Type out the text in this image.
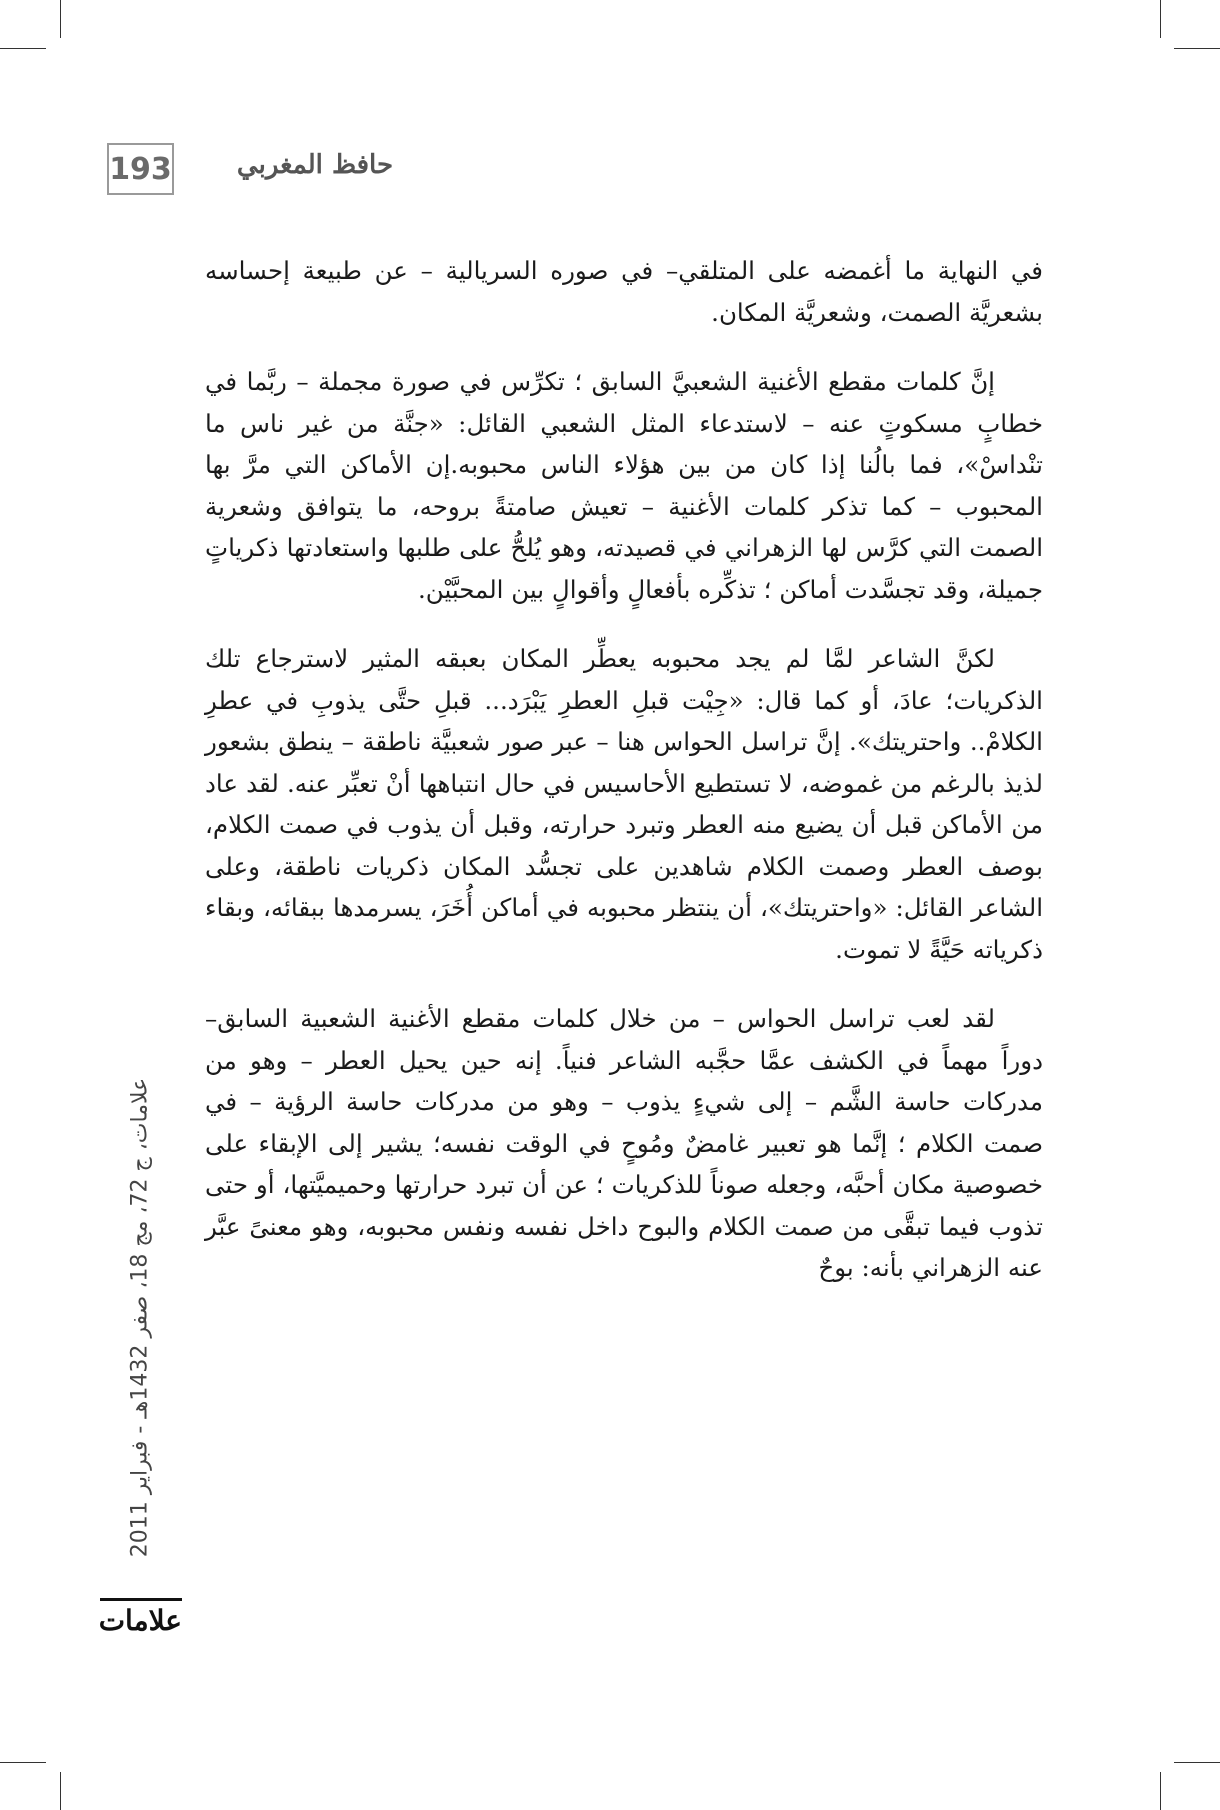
193	حافظ المغربي

في النهاية ما أغمضه على المتلقي– في صوره السريالية – عن طبيعة إحساسه بشعريَّة الصمت، وشعريَّة المكان.

إنَّ كلمات مقطع الأغنية الشعبيَّ السابق ؛ تكرِّس في صورة مجملة – ربَّما في خطابٍ مسكوتٍ عنه – لاستدعاء المثل الشعبي القائل: «جنَّة من غير ناس ما تنْداسْ»، فما بالُنا إذا كان من بين هؤلاء الناس محبوبه.إن الأماكن التي مرَّ بها المحبوب – كما تذكر كلمات الأغنية – تعيش صامتةً بروحه، ما يتوافق وشعرية الصمت التي كرَّس لها الزهراني في قصيدته، وهو يُلحُّ على طلبها واستعادتها ذكرياتٍ جميلة، وقد تجسَّدت أماكن ؛ تذكِّره بأفعالٍ وأقوالٍ بين المحبَّيْن.

لكنَّ الشاعر لمَّا لم يجد محبوبه يعطِّر المكان بعبقه المثير لاسترجاع تلك الذكريات؛ عادَ، أو كما قال: «جِيْت قبلِ العطرِ يَبْرَد... قبلِ حتَّى يذوبِ في عطرِ الكلامْ.. واحتريتك». إنَّ تراسل الحواس هنا – عبر صور شعبيَّة ناطقة – ينطق بشعور لذيذ بالرغم من غموضه، لا تستطيع الأحاسيس في حال انتباهها أنْ تعبِّر عنه. لقد عاد من الأماكن قبل أن يضيع منه العطر وتبرد حرارته، وقبل أن يذوب في صمت الكلام، بوصف العطر وصمت الكلام شاهدين على تجسُّد المكان ذكريات ناطقة، وعلى الشاعر القائل: «واحتريتك»، أن ينتظر محبوبه في أماكن أُخَرَ، يسرمدها ببقائه، وبقاء ذكرياته حَيَّةً لا تموت.

لقد لعب تراسل الحواس – من خلال كلمات مقطع الأغنية الشعبية السابق– دوراً مهماً في الكشف عمَّا حجَّبه الشاعر فنياً. إنه حين يحيل العطر – وهو من مدركات حاسة الشَّم – إلى شيءٍ يذوب – وهو من مدركات حاسة الرؤية – في صمت الكلام ؛ إنَّما هو تعبير غامضٌ ومُوحٍ في الوقت نفسه؛ يشير إلى الإبقاء على خصوصية مكان أحبَّه، وجعله صوناً للذكريات ؛ عن أن تبرد حرارتها وحميميَّتها، أو حتى تذوب فيما تبقَّى من صمت الكلام والبوح داخل نفسه ونفس محبوبه، وهو معنىً عبَّر عنه الزهراني بأنه: بوحٌ

علامات، ج 72، مج 18، صفر 1432هـ - فبراير 2011
علامات
